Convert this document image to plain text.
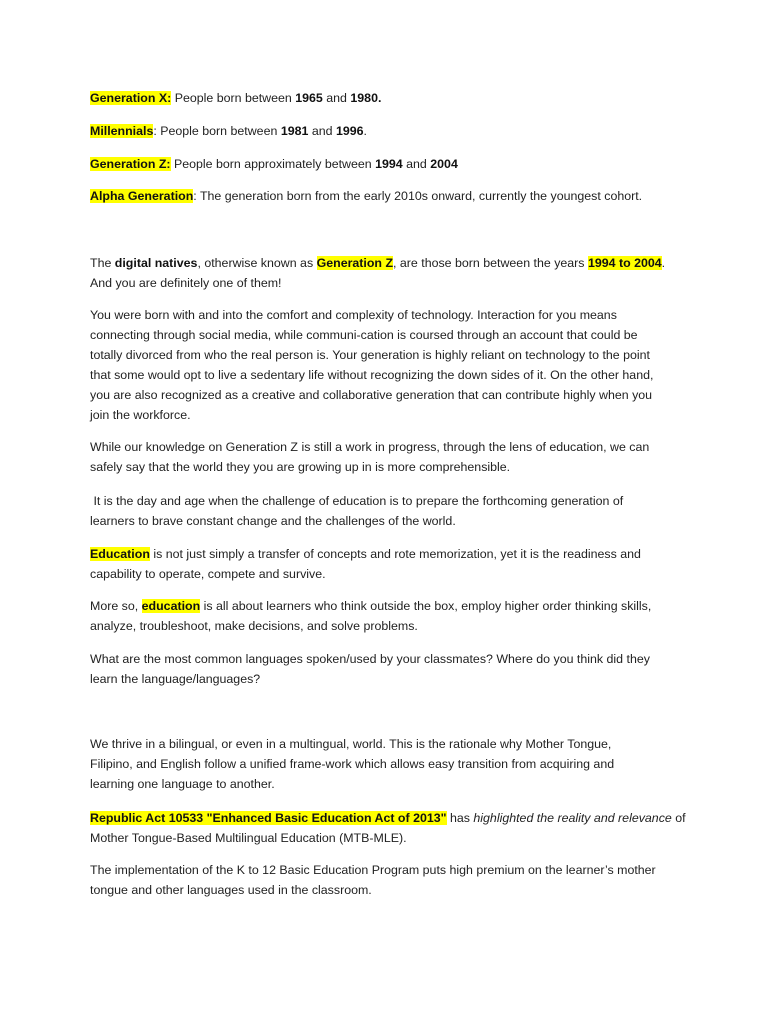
Generation X: People born between 1965 and 1980.
Millennials: People born between 1981 and 1996.
Generation Z: People born approximately between 1994 and 2004
Alpha Generation: The generation born from the early 2010s onward, currently the youngest cohort.
The digital natives, otherwise known as Generation Z, are those born between the years 1994 to 2004.
And you are definitely one of them!
You were born with and into the comfort and complexity of technology. Interaction for you means
connecting through social media, while communi-cation is coursed through an account that could be
totally divorced from who the real person is. Your generation is highly reliant on technology to the point
that some would opt to live a sedentary life without recognizing the down sides of it. On the other hand,
you are also recognized as a creative and collaborative generation that can contribute highly when you
join the workforce.
While our knowledge on Generation Z is still a work in progress, through the lens of education, we can
safely say that the world they you are growing up in is more comprehensible.
It is the day and age when the challenge of education is to prepare the forthcoming generation of
learners to brave constant change and the challenges of the world.
Education is not just simply a transfer of concepts and rote memorization, yet it is the readiness and
capability to operate, compete and survive.
More so, education is all about learners who think outside the box, employ higher order thinking skills,
analyze, troubleshoot, make decisions, and solve problems.
What are the most common languages spoken/used by your classmates? Where do you think did they
learn the language/languages?
We thrive in a bilingual, or even in a multingual, world. This is the rationale why Mother Tongue,
Filipino, and English follow a unified frame-work which allows easy transition from acquiring and
learning one language to another.
Republic Act 10533 "Enhanced Basic Education Act of 2013" has highlighted the reality and relevance of
Mother Tongue-Based Multilingual Education (MTB-MLE).
The implementation of the K to 12 Basic Education Program puts high premium on the learner’s mother
tongue and other languages used in the classroom.
